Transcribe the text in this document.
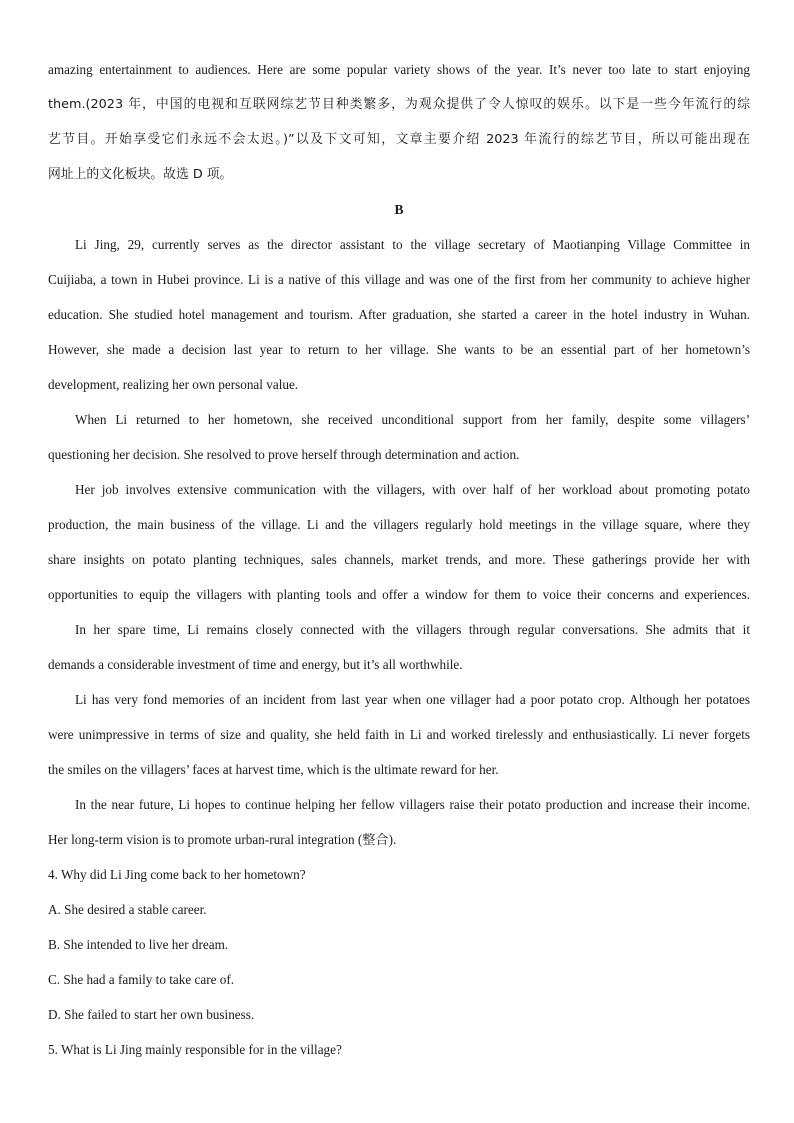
amazing entertainment to audiences. Here are some popular variety shows of the year. It’s never too late to start enjoying
them.(2023 年，中国的电视和互联网综艺节目种类繁多，为观众提供了令人惊叹的娱乐。以下是一些今年流行的综
艺节目。开始享受它们永远不会太迟。)”以及下文可知，文章主要介绍 2023 年流行的综艺节目，所以可能出现在
网址上的文化板块。故选 D 项。
B
Li Jing, 29, currently serves as the director assistant to the village secretary of Maotianping Village Committee in
Cuijiaba, a town in Hubei province. Li is a native of this village and was one of the first from her community to achieve higher
education. She studied hotel management and tourism. After graduation, she started a career in the hotel industry in Wuhan.
However, she made a decision last year to return to her village. She wants to be an essential part of her hometown’s
development, realizing her own personal value.
When Li returned to her hometown, she received unconditional support from her family, despite some villagers’
questioning her decision. She resolved to prove herself through determination and action.
Her job involves extensive communication with the villagers, with over half of her workload about promoting potato
production, the main business of the village. Li and the villagers regularly hold meetings in the village square, where they
share insights on potato planting techniques, sales channels, market trends, and more. These gatherings provide her with
opportunities to equip the villagers with planting tools and offer a window for them to voice their concerns and experiences.
In her spare time, Li remains closely connected with the villagers through regular conversations. She admits that it
demands a considerable investment of time and energy, but it’s all worthwhile.
Li has very fond memories of an incident from last year when one villager had a poor potato crop. Although her potatoes
were unimpressive in terms of size and quality, she held faith in Li and worked tirelessly and enthusiastically. Li never forgets
the smiles on the villagers’ faces at harvest time, which is the ultimate reward for her.
In the near future, Li hopes to continue helping her fellow villagers raise their potato production and increase their income.
Her long-term vision is to promote urban-rural integration (整合).
4. Why did Li Jing come back to her hometown?
A. She desired a stable career.
B. She intended to live her dream.
C. She had a family to take care of.
D. She failed to start her own business.
5. What is Li Jing mainly responsible for in the village?
